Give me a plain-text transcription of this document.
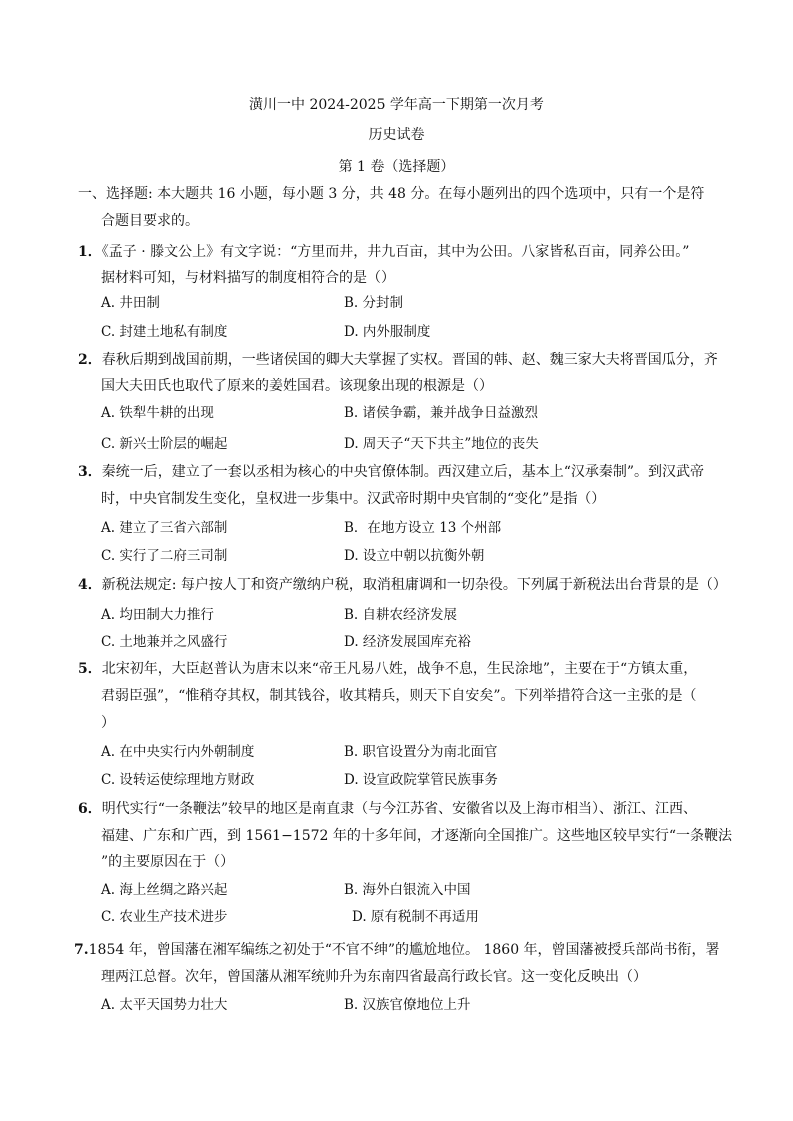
潢川一中 2024-2025 学年高一下期第一次月考
历史试卷
第 1 卷（选择题）
一、选择题: 本大题共 16 小题，每小题 3 分，共 48 分。在每小题列出的四个选项中，只有一个是符
合题目要求的。
1．《孟子 · 滕文公上》有文字说：“方里而井，井九百亩，其中为公田。八家皆私百亩，同养公田。”
据材料可知，与材料描写的制度相符合的是（）
A. 井田制	B. 分封制
C. 封建土地私有制度	D. 内外服制度
2．春秋后期到战国前期，一些诸侯国的卿大夫掌握了实权。晋国的韩、赵、魏三家大夫将晋国瓜分，齐
国大夫田氏也取代了原来的姜姓国君。该现象出现的根源是（）
A. 铁犁牛耕的出现	B. 诸侯争霸，兼并战争日益激烈
C. 新兴士阶层的崛起	D. 周天子“天下共主”地位的丧失
3．秦统一后，建立了一套以丞相为核心的中央官僚体制。西汉建立后，基本上“汉承秦制”。到汉武帝
时，中央官制发生变化，皇权进一步集中。汉武帝时期中央官制的“变化”是指（）
A. 建立了三省六部制	B．在地方设立 13 个州部
C. 实行了二府三司制	D. 设立中朝以抗衡外朝
4．新税法规定: 每户按人丁和资产缴纳户税，取消租庸调和一切杂役。下列属于新税法出台背景的是（）
A. 均田制大力推行	B. 自耕农经济发展
C. 土地兼并之风盛行	D. 经济发展国库充裕
5．北宋初年，大臣赵普认为唐末以来“帝王凡易八姓，战争不息，生民涂地”，主要在于“方镇太重，
君弱臣强”，“惟稍夺其权，制其钱谷，收其精兵，则天下自安矣”。下列举措符合这一主张的是（
）
A. 在中央实行内外朝制度	B. 职官设置分为南北面官
C. 设转运使综理地方财政	D. 设宣政院掌管民族事务
6．明代实行“一条鞭法”较早的地区是南直隶（与今江苏省、安徽省以及上海市相当）、浙江、江西、
福建、广东和广西，到 1561−1572 年的十多年间，才逐渐向全国推广。这些地区较早实行“一条鞭法
”的主要原因在于（）
A. 海上丝绸之路兴起	B. 海外白银流入中国
C. 农业生产技术进步	D. 原有税制不再适用
7.1854 年，曾国藩在湘军编练之初处于“不官不绅”的尴尬地位。 1860 年，曾国藩被授兵部尚书衔，署
理两江总督。次年，曾国藩从湘军统帅升为东南四省最高行政长官。这一变化反映出（）
A. 太平天国势力壮大	B. 汉族官僚地位上升
